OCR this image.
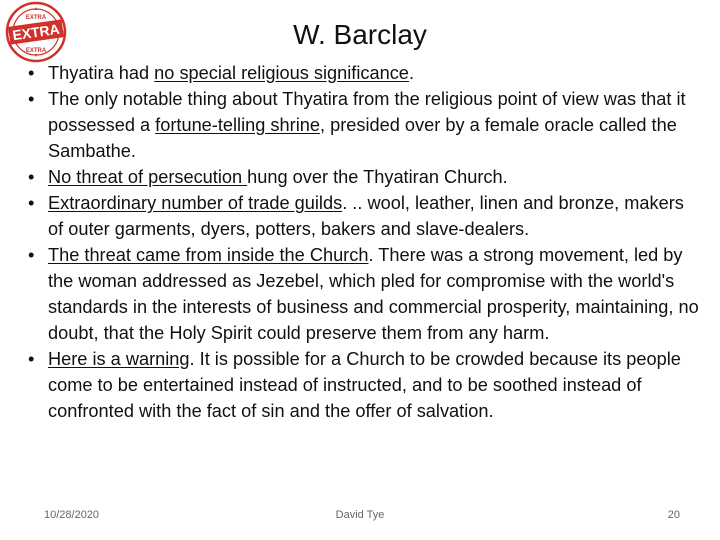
EXTRA
EXTRA
EXTRA
W. Barclay
• Thyatira had no special religious significance.
• The only notable thing about Thyatira from the religious point of view was that it possessed a fortune-telling shrine, presided over by a female oracle called the Sambathe.
• No threat of persecution hung over the Thyatiran Church.
• Extraordinary number of trade guilds. .. wool, leather, linen and bronze, makers of outer garments, dyers, potters, bakers and slave-dealers.
• The threat came from inside the Church. There was a strong movement, led by the woman addressed as Jezebel, which pled for compromise with the world's standards in the interests of business and commercial prosperity, maintaining, no doubt, that the Holy Spirit could preserve them from any harm.
• Here is a warning. It is possible for a Church to be crowded because its people come to be entertained instead of instructed, and to be soothed instead of confronted with the fact of sin and the offer of salvation.
10/28/2020	David Tye	20
